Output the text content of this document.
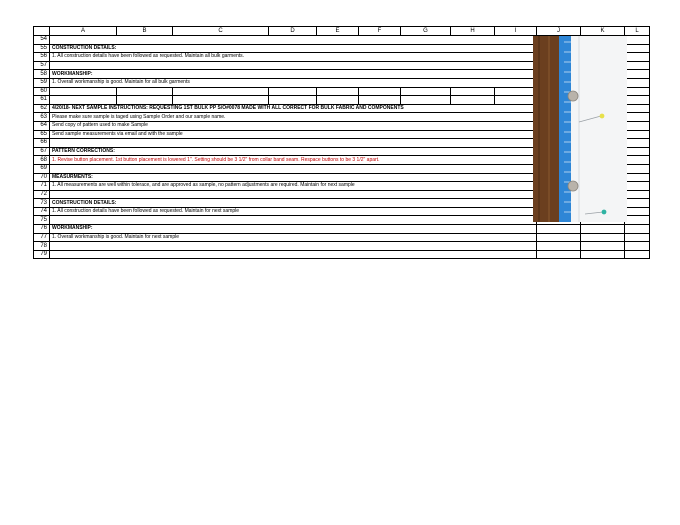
	A	B	C	D	E	F	G	H	I	J	K	L
54												
55	CONSTRUCTION DETAILS:											
56	1. All construction details have been followed as requested. Maintain all bulk garments.											
57												
58	WORKMANSHIP:											
59	1. Overall workmanship is good. Maintain for all bulk garments											
60												
61												
62	4/20/18- NEXT SAMPLE INSTRUCTIONS: REQUESTING 1ST BULK PP S/O#0078 MADE WITH ALL CORRECT FOR BULK FABRIC AND COMPONENTS											
63	Please make sure sample is taged using Sample Order and our sample name.											
64	Send copy of pattern used to make Sample											
65	Send sample measurements via email and with the sample											
66												
67	PATTERN CORRECTIONS:											
68	1. Revise button placement. 1st button placement is lowered 1". Setting should be 3 1/2" from collar band seam. Respace buttons to be 3 1/2" apart.											
69												
70	MEASURMENTS:											
71	1. All measurements are well within tolerace, and are approved as sample, no pattern adjustments are required. Maintain for next sample											
72												
73	CONSTRUCTION DETAILS:											
74	1. All construction details have been followed as requested. Maintain for next sample											
75												
76	WORKMANSHIP:											
77	1. Overall workmanship is good. Maintain for next sample											
78												
79												
